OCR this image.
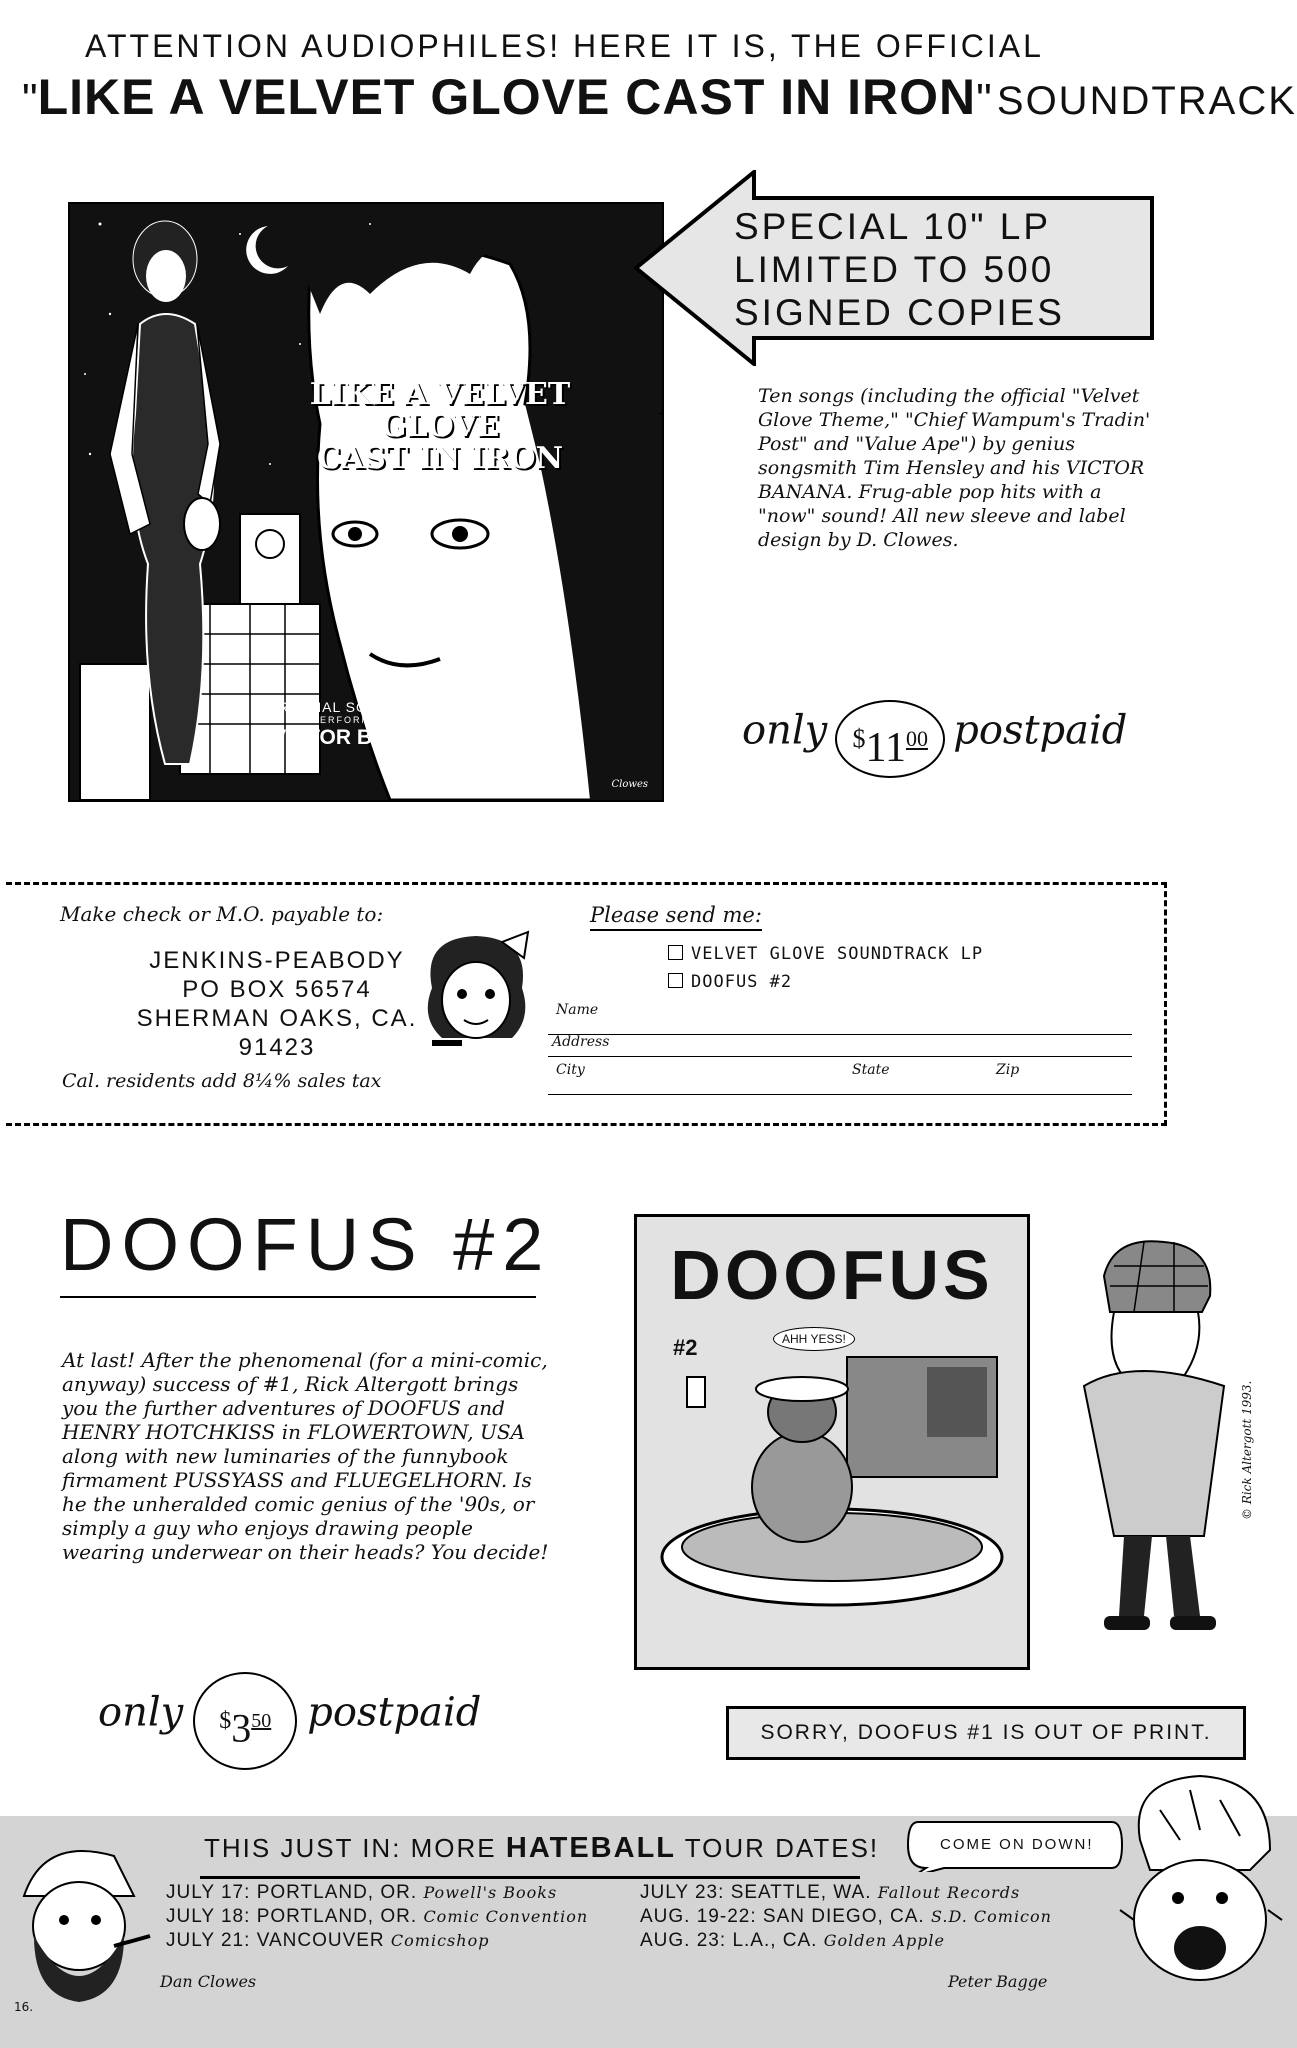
ATTENTION AUDIOPHILES! HERE IT IS, THE OFFICIAL
"LIKE A VELVET GLOVE CAST IN IRON" SOUNDTRACK
LIKE A VELVET GLOVE
CAST IN IRON
ORIGINAL SOUNDTRACK
PERFORMED BY
VICTOR BANANA
Clowes
SPECIAL 10" LP
LIMITED TO 500
SIGNED COPIES
Ten songs (including the official "Velvet Glove Theme," "Chief Wampum's Tradin' Post" and "Value Ape") by genius songsmith Tim Hensley and his VICTOR BANANA. Frug-able pop hits with a "now" sound! All new sleeve and label design by D. Clowes.
only $^{\$}11^{00}$ postpaid
Make check or M.O. payable to:
JENKINS-PEABODY
PO BOX 56574
SHERMAN OAKS, CA.
91423
Cal. residents add 8¼% sales tax
Please send me:
VELVET GLOVE SOUNDTRACK LP
DOOFUS #2
Name
Address
City	State	Zip
DOOFUS #2
At last! After the phenomenal (for a mini-comic, anyway) success of #1, Rick Altergott brings you the further adventures of DOOFUS and HENRY HOTCHKISS in FLOWERTOWN, USA along with new luminaries of the funnybook firmament PUSSYASS and FLUEGELHORN. Is he the unheralded comic genius of the '90s, or simply a guy who enjoys drawing people wearing underwear on their heads? You decide!
only $^{\$}3^{50}$ postpaid
DOOFUS
#2	AHH YESS!
© Rick Altergott 1993.
SORRY, DOOFUS #1 IS OUT OF PRINT.
THIS JUST IN: MORE HATEBALL TOUR DATES!	COME ON DOWN!
JULY 17: PORTLAND, OR. Powell's Books
JULY 18: PORTLAND, OR. Comic Convention
JULY 21: VANCOUVER Comicshop
JULY 23: SEATTLE, WA. Fallout Records
AUG. 19-22: SAN DIEGO, CA. S.D. Comicon
AUG. 23: L.A., CA. Golden Apple
Dan Clowes	Peter Bagge
16.
